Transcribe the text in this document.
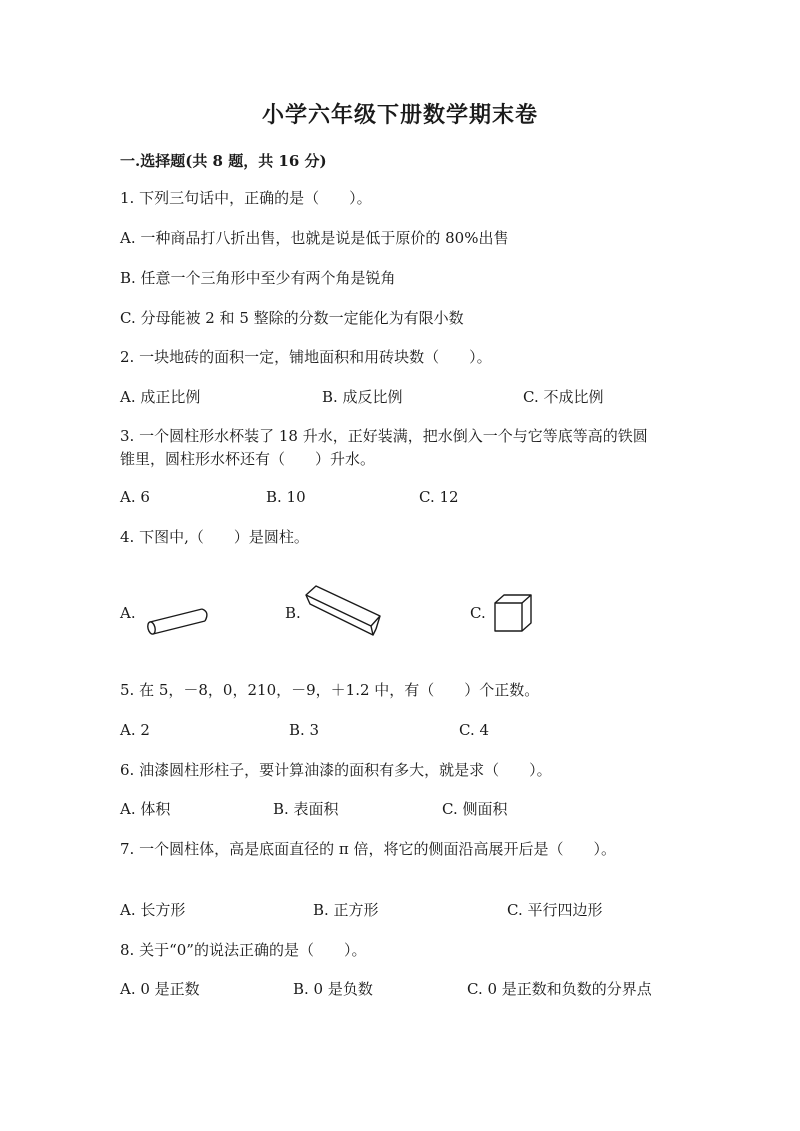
小学六年级下册数学期末卷
一.选择题(共 8 题，共 16 分)
1. 下列三句话中，正确的是（　　）。
A. 一种商品打八折出售，也就是说是低于原价的 80%出售
B. 任意一个三角形中至少有两个角是锐角
C. 分母能被 2 和 5 整除的分数一定能化为有限小数
2. 一块地砖的面积一定，铺地面积和用砖块数（　　）。
A. 成正比例	B. 成反比例	C. 不成比例
3. 一个圆柱形水杯装了 18 升水，正好装满，把水倒入一个与它等底等高的铁圆
锥里，圆柱形水杯还有（　　）升水。
A. 6	B. 10	C. 12
4. 下图中,（　　）是圆柱。
A.	B.	C.
5. 在 5，－8，0，210，－9，＋1.2 中，有（　　）个正数。
A. 2	B. 3	C. 4
6. 油漆圆柱形柱子，要计算油漆的面积有多大，就是求（　　）。
A. 体积	B. 表面积	C. 侧面积
7. 一个圆柱体，高是底面直径的 π 倍，将它的侧面沿高展开后是（　　）。
A. 长方形	B. 正方形	C. 平行四边形
8. 关于“0”的说法正确的是（　　）。
A. 0 是正数	B. 0 是负数	C. 0 是正数和负数的分界点
